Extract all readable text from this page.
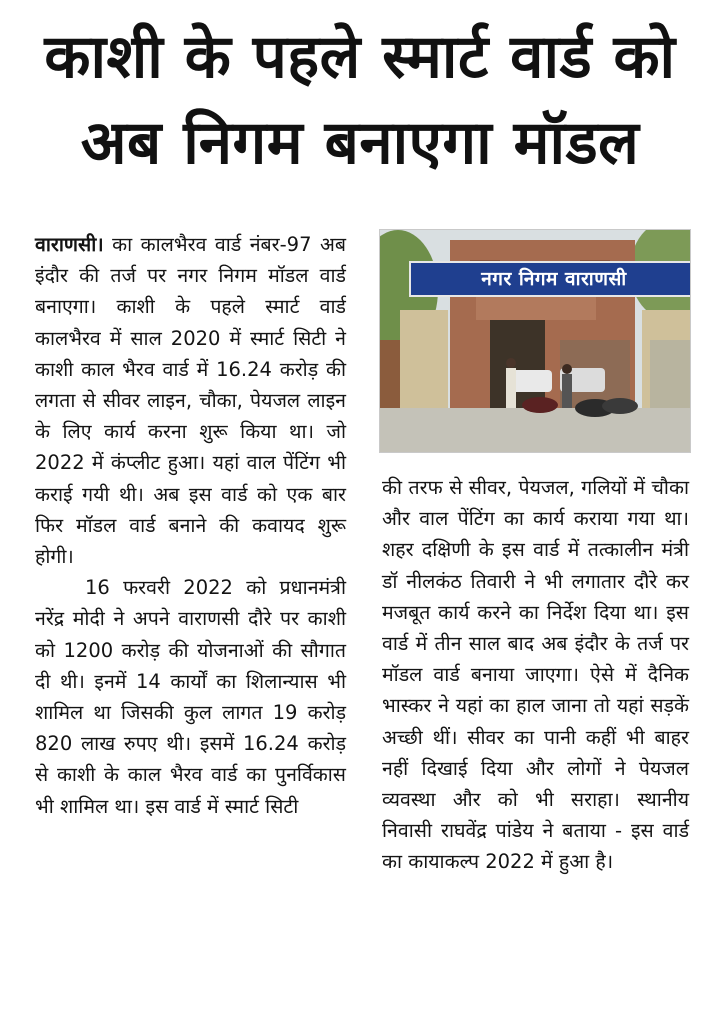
काशी के पहले स्मार्ट वार्ड को
अब निगम बनाएगा मॉडल

वाराणसी। का कालभैरव वार्ड नंबर-97 अब इंदौर की तर्ज पर नगर निगम मॉडल वार्ड बनाएगा। काशी के पहले स्मार्ट वार्ड कालभैरव में साल 2020 में स्मार्ट सिटी ने काशी काल भैरव वार्ड में 16.24 करोड़ की लगता से सीवर लाइन, चौका, पेयजल लाइन के लिए कार्य करना शुरू किया था। जो 2022 में कंप्लीट हुआ। यहां वाल पेंटिंग भी कराई गयी थी। अब इस वार्ड को एक बार फिर मॉडल वार्ड बनाने की कवायद शुरू होगी।

16 फरवरी 2022 को प्रधानमंत्री नरेंद्र मोदी ने अपने वाराणसी दौरे पर काशी को 1200 करोड़ की योजनाओं की सौगात दी थी। इनमें 14 कार्यों का शिलान्यास भी शामिल था जिसकी कुल लागत 19 करोड़ 820 लाख रुपए थी। इसमें 16.24 करोड़ से काशी के काल भैरव वार्ड का पुनर्विकास भी शामिल था। इस वार्ड में स्मार्ट सिटी

नगर निगम वाराणसी

की तरफ से सीवर, पेयजल, गलियों में चौका और वाल पेंटिंग का कार्य कराया गया था। शहर दक्षिणी के इस वार्ड में तत्कालीन मंत्री डॉ नीलकंठ तिवारी ने भी लगातार दौरे कर मजबूत कार्य करने का निर्देश दिया था। इस वार्ड में तीन साल बाद अब इंदौर के तर्ज पर मॉडल वार्ड बनाया जाएगा। ऐसे में दैनिक भास्कर ने यहां का हाल जाना तो यहां सड़कें अच्छी थीं। सीवर का पानी कहीं भी बाहर नहीं दिखाई दिया और लोगों ने पेयजल व्यवस्था और को भी सराहा। स्थानीय निवासी राघवेंद्र पांडेय ने बताया - इस वार्ड का कायाकल्प 2022 में हुआ है।
